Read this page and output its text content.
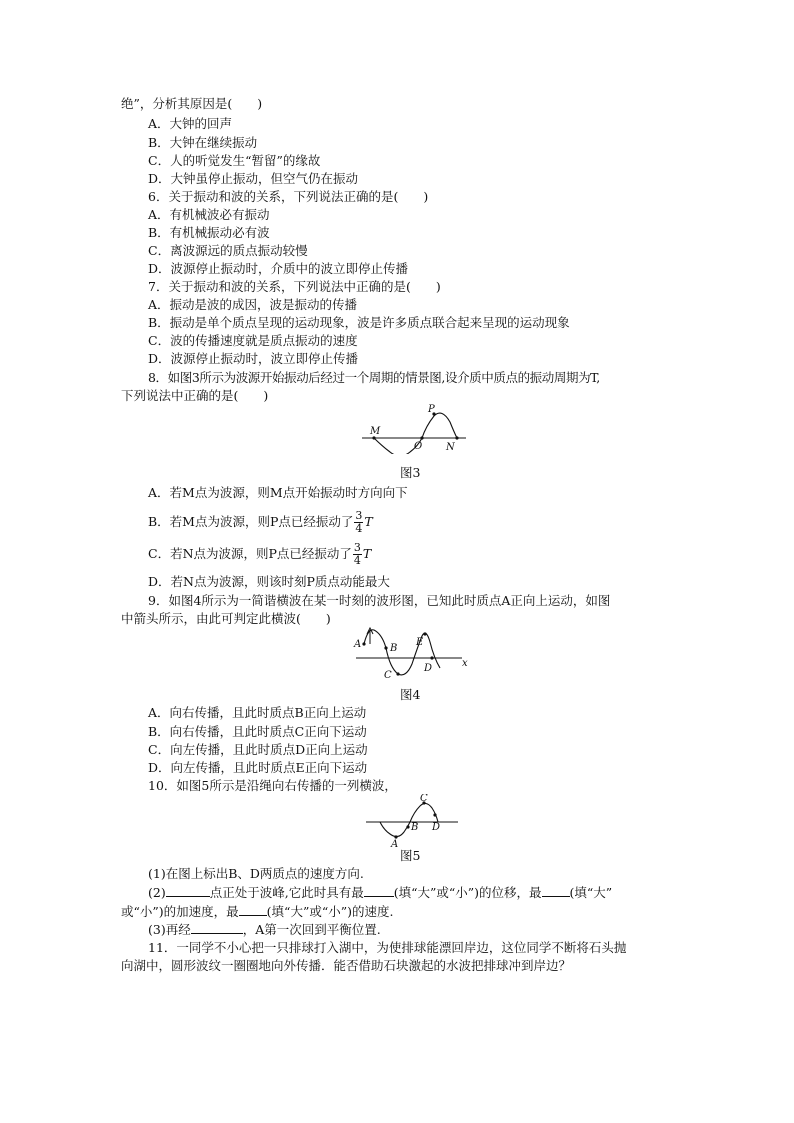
绝”，分析其原因是(　　)
A．大钟的回声
B．大钟在继续振动
C．人的听觉发生“暂留”的缘故
D．大钟虽停止振动，但空气仍在振动
6．关于振动和波的关系，下列说法正确的是(　　)
A．有机械波必有振动
B．有机械振动必有波
C．离波源远的质点振动较慢
D．波源停止振动时，介质中的波立即停止传播
7．关于振动和波的关系，下列说法中正确的是(　　)
A．振动是波的成因，波是振动的传播
B．振动是单个质点呈现的运动现象，波是许多质点联合起来呈现的运动现象
C．波的传播速度就是质点振动的速度
D．波源停止振动时，波立即停止传播
8．如图3所示为波源开始振动后经过一个周期的情景图,设介质中质点的振动周期为T,
下列说法中正确的是(　　)
M
P
O N
图3
A．若M点为波源，则M点开始振动时方向向下
B．若M点为波源，则P点已经振动了 $\frac{3}{4}$ T
C．若N点为波源，则P点已经振动了 $\frac{3}{4}$ T
D．若N点为波源，则该时刻P质点动能最大
9．如图4所示为一简谐横波在某一时刻的波形图，已知此时质点A正向上运动，如图
中箭头所示，由此可判定此横波(　　)
A	B
C
D
E
x
图4
A．向右传播，且此时质点B正向上运动
B．向右传播，且此时质点C正向下运动
C．向左传播，且此时质点D正向上运动
D．向左传播，且此时质点E正向下运动
10．如图5所示是沿绳向右传播的一列横波，
A
B
C
D
图5
(1)在图上标出B、D两质点的速度方向.
(2)	点正处于波峰,它此时具有最 (填“大”或“小”)的位移，最 (填“大”
或“小”)的加速度，最 (填“大”或“小”)的速度.
(3)再经	，A第一次回到平衡位置.
11．一同学不小心把一只排球打入湖中，为使排球能漂回岸边，这位同学不断将石头抛
向湖中，圆形波纹一圈圈地向外传播．能否借助石块激起的水波把排球冲到岸边？
